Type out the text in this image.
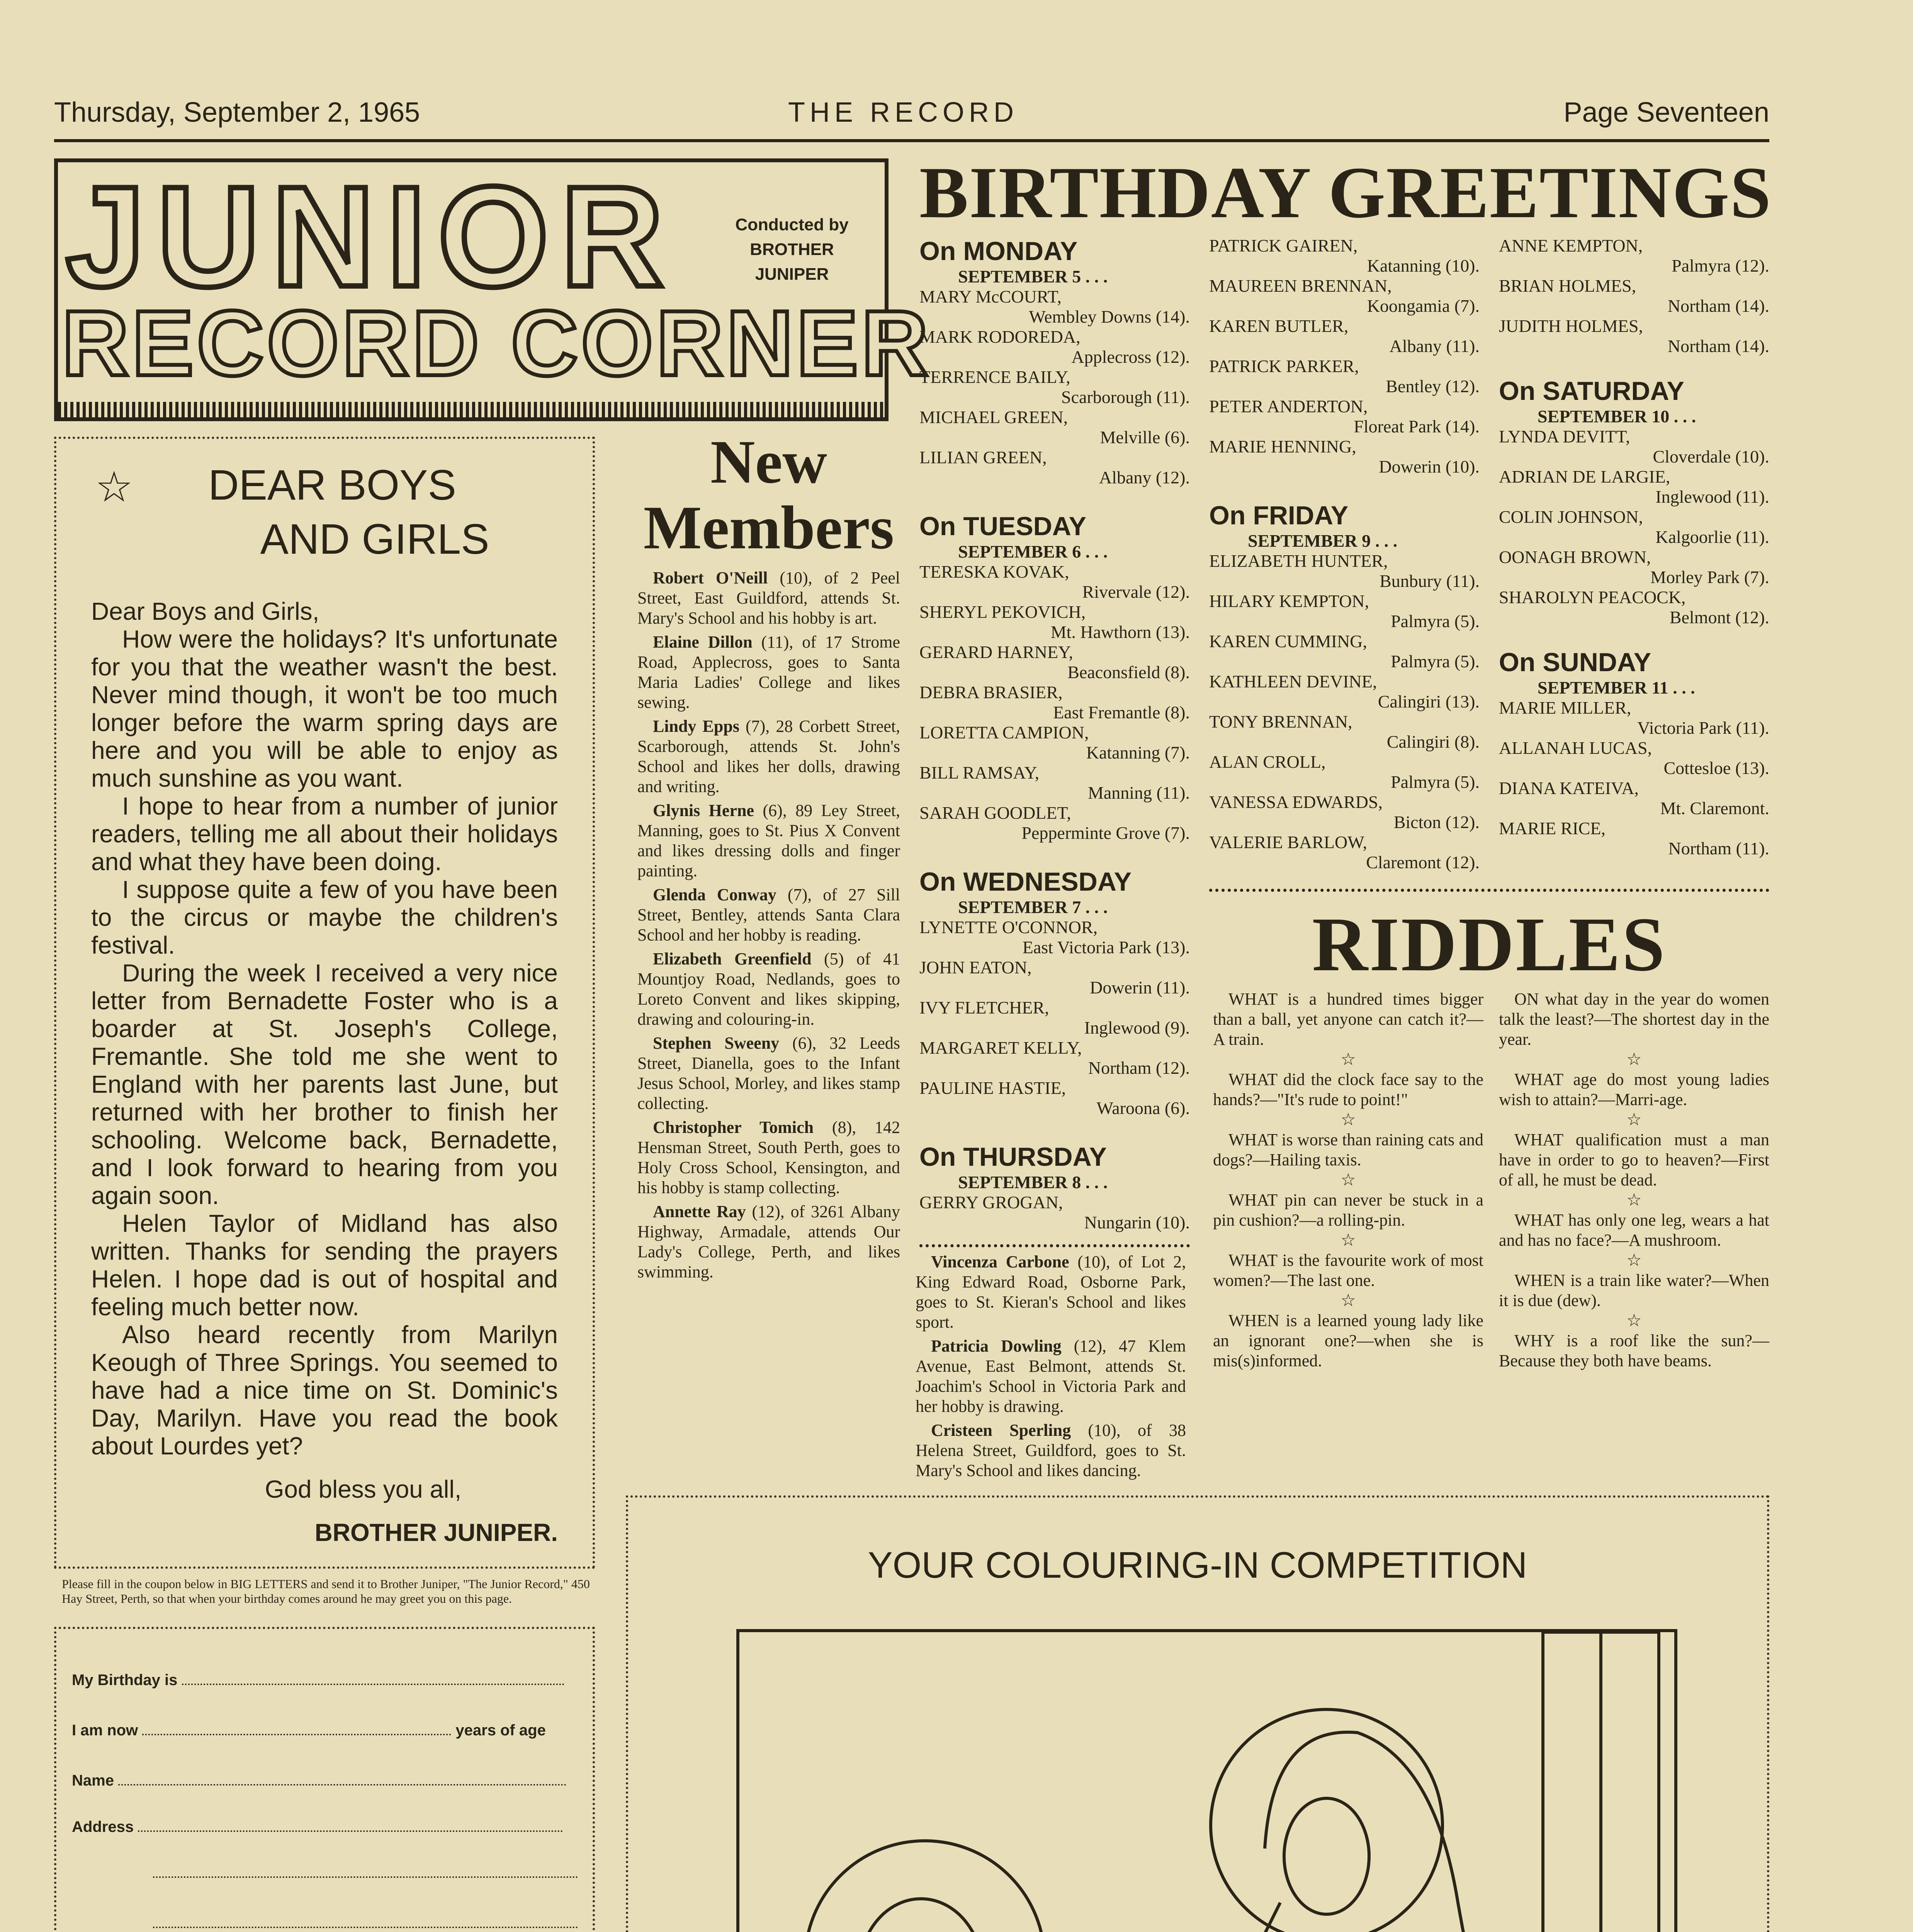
Thursday, September 2, 1965	THE RECORD	Page Seventeen
JUNIOR	Conducted by
BROTHER
JUNIPER
RECORD CORNER
☆	DEAR BOYS
AND GIRLS
Dear Boys and Girls,
How were the holidays? It's unfortunate for you that the weather wasn't the best. Never mind though, it won't be too much longer before the warm spring days are here and you will be able to enjoy as much sunshine as you want.
I hope to hear from a number of junior readers, telling me all about their holidays and what they have been doing.
I suppose quite a few of you have been to the circus or maybe the children's festival.
During the week I received a very nice letter from Bernadette Foster who is a boarder at St. Joseph's College, Fremantle. She told me she went to England with her parents last June, but returned with her brother to finish her schooling. Welcome back, Bernadette, and I look forward to hearing from you again soon.
Helen Taylor of Midland has also written. Thanks for sending the prayers Helen. I hope dad is out of hospital and feeling much better now.
Also heard recently from Marilyn Keough of Three Springs. You seemed to have had a nice time on St. Dominic's Day, Marilyn. Have you read the book about Lourdes yet?
God bless you all,
BROTHER JUNIPER.
Please fill in the coupon below in BIG LETTERS and send it to Brother Juniper, "The Junior Record," 450 Hay Street, Perth, so that when your birthday comes around he may greet you on this page.
My Birthday is
I am now	years of age
Name
Address
New
Members
Robert O'Neill (10), of 2 Peel Street, East Guildford, attends St. Mary's School and his hobby is art.
Elaine Dillon (11), of 17 Strome Road, Applecross, goes to Santa Maria Ladies' College and likes sewing.
Lindy Epps (7), 28 Corbett Street, Scarborough, attends St. John's School and likes her dolls, drawing and writing.
Glynis Herne (6), 89 Ley Street, Manning, goes to St. Pius X Convent and likes dressing dolls and finger painting.
Glenda Conway (7), of 27 Sill Street, Bentley, attends Santa Clara School and her hobby is reading.
Elizabeth Greenfield (5) of 41 Mountjoy Road, Nedlands, goes to Loreto Convent and likes skipping, drawing and colouring-in.
Stephen Sweeny (6), 32 Leeds Street, Dianella, goes to the Infant Jesus School, Morley, and likes stamp collecting.
Christopher Tomich (8), 142 Hensman Street, South Perth, goes to Holy Cross School, Kensington, and his hobby is stamp collecting.
Annette Ray (12), of 3261 Albany Highway, Armadale, attends Our Lady's College, Perth, and likes swimming.
Vincenza Carbone (10), of Lot 2, King Edward Road, Osborne Park, goes to St. Kieran's School and likes sport.
Patricia Dowling (12), 47 Klem Avenue, East Belmont, attends St. Joachim's School in Victoria Park and her hobby is drawing.
Cristeen Sperling (10), of 38 Helena Street, Guildford, goes to St. Mary's School and likes dancing.
BIRTHDAY GREETINGS
On MONDAY
SEPTEMBER 5 . . .
MARY McCOURT,
Wembley Downs (14).
MARK RODOREDA,
Applecross (12).
TERRENCE BAILY,
Scarborough (11).
MICHAEL GREEN,
Melville (6).
LILIAN GREEN,
Albany (12).
On TUESDAY
SEPTEMBER 6 . . .
TERESKA KOVAK,
Rivervale (12).
SHERYL PEKOVICH,
Mt. Hawthorn (13).
GERARD HARNEY,
Beaconsfield (8).
DEBRA BRASIER,
East Fremantle (8).
LORETTA CAMPION,
Katanning (7).
BILL RAMSAY,
Manning (11).
SARAH GOODLET,
Pepperminte Grove (7).
On WEDNESDAY
SEPTEMBER 7 . . .
LYNETTE O'CONNOR,
East Victoria Park (13).
JOHN EATON,
Dowerin (11).
IVY FLETCHER,
Inglewood (9).
MARGARET KELLY,
Northam (12).
PAULINE HASTIE,
Waroona (6).
On THURSDAY
SEPTEMBER 8 . . .
GERRY GROGAN,
Nungarin (10).
PATRICK GAIREN,
Katanning (10).
MAUREEN BRENNAN,
Koongamia (7).
KAREN BUTLER,
Albany (11).
PATRICK PARKER,
Bentley (12).
PETER ANDERTON,
Floreat Park (14).
MARIE HENNING,
Dowerin (10).
On FRIDAY
SEPTEMBER 9 . . .
ELIZABETH HUNTER,
Bunbury (11).
HILARY KEMPTON,
Palmyra (5).
KAREN CUMMING,
Palmyra (5).
KATHLEEN DEVINE,
Calingiri (13).
TONY BRENNAN,
Calingiri (8).
ALAN CROLL,
Palmyra (5).
VANESSA EDWARDS,
Bicton (12).
VALERIE BARLOW,
Claremont (12).
ANNE KEMPTON,
Palmyra (12).
BRIAN HOLMES,
Northam (14).
JUDITH HOLMES,
Northam (14).
On SATURDAY
SEPTEMBER 10 . . .
LYNDA DEVITT,
Cloverdale (10).
ADRIAN DE LARGIE,
Inglewood (11).
COLIN JOHNSON,
Kalgoorlie (11).
OONAGH BROWN,
Morley Park (7).
SHAROLYN PEACOCK,
Belmont (12).
On SUNDAY
SEPTEMBER 11 . . .
MARIE MILLER,
Victoria Park (11).
ALLANAH LUCAS,
Cottesloe (13).
DIANA KATEIVA,
Mt. Claremont.
MARIE RICE,
Northam (11).
RIDDLES
WHAT is a hundred times bigger than a ball, yet anyone can catch it?—A train.
☆
WHAT did the clock face say to the hands?—"It's rude to point!"
☆
WHAT is worse than raining cats and dogs?—Hailing taxis.
☆
WHAT pin can never be stuck in a pin cushion?—a rolling-pin.
☆
WHAT is the favourite work of most women?—The last one.
☆
WHEN is a learned young lady like an ignorant one?—when she is mis(s)informed.
ON what day in the year do women talk the least?—The shortest day in the year.
☆
WHAT age do most young ladies wish to attain?—Marri-age.
☆
WHAT qualification must a man have in order to go to heaven?—First of all, he must be dead.
☆
WHAT has only one leg, wears a hat and has no face?—A mushroom.
☆
WHEN is a train like water?—When it is due (dew).
☆
WHY is a roof like the sun?—Because they both have beams.
YOUR COLOURING-IN COMPETITION
